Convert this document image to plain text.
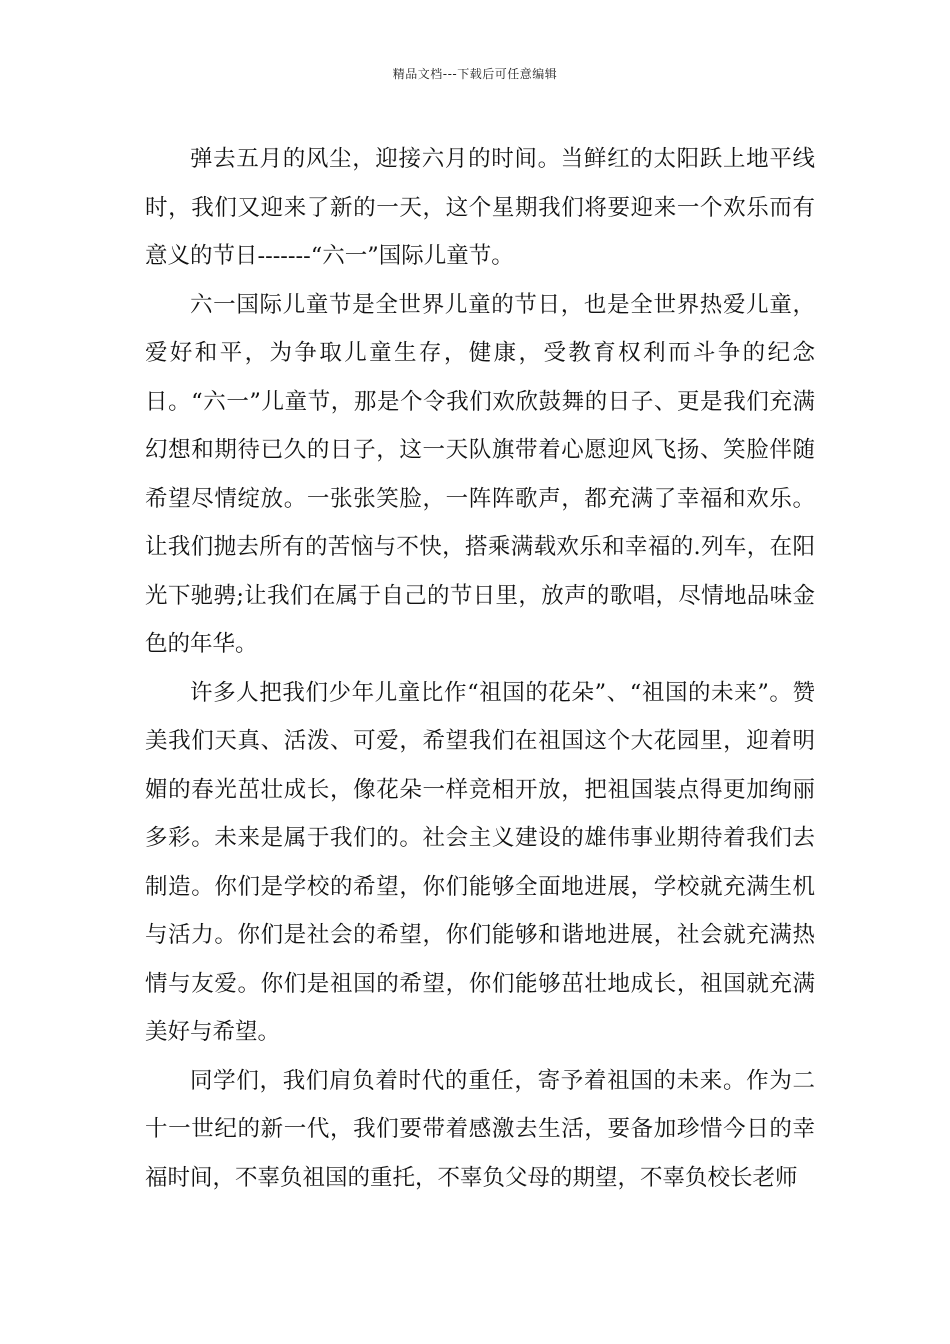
精品文档---下载后可任意编辑

弹去五月的风尘，迎接六月的时间。当鲜红的太阳跃上地平线时，我们又迎来了新的一天，这个星期我们将要迎来一个欢乐而有意义的节日-------“六一”国际儿童节。

六一国际儿童节是全世界儿童的节日，也是全世界热爱儿童，爱好和平，为争取儿童生存，健康，受教育权利而斗争的纪念日。“六一”儿童节，那是个令我们欢欣鼓舞的日子、更是我们充满幻想和期待已久的日子，这一天队旗带着心愿迎风飞扬、笑脸伴随希望尽情绽放。一张张笑脸，一阵阵歌声，都充满了幸福和欢乐。让我们抛去所有的苦恼与不快，搭乘满载欢乐和幸福的.列车，在阳光下驰骋;让我们在属于自己的节日里，放声的歌唱，尽情地品味金色的年华。

许多人把我们少年儿童比作“祖国的花朵”、“祖国的未来”。赞美我们天真、活泼、可爱，希望我们在祖国这个大花园里，迎着明媚的春光茁壮成长，像花朵一样竞相开放，把祖国装点得更加绚丽多彩。未来是属于我们的。社会主义建设的雄伟事业期待着我们去制造。你们是学校的希望，你们能够全面地进展，学校就充满生机与活力。你们是社会的希望，你们能够和谐地进展，社会就充满热情与友爱。你们是祖国的希望，你们能够茁壮地成长，祖国就充满美好与希望。

同学们，我们肩负着时代的重任，寄予着祖国的未来。作为二十一世纪的新一代，我们要带着感激去生活，要备加珍惜今日的幸福时间，不辜负祖国的重托，不辜负父母的期望，不辜负校长老师
